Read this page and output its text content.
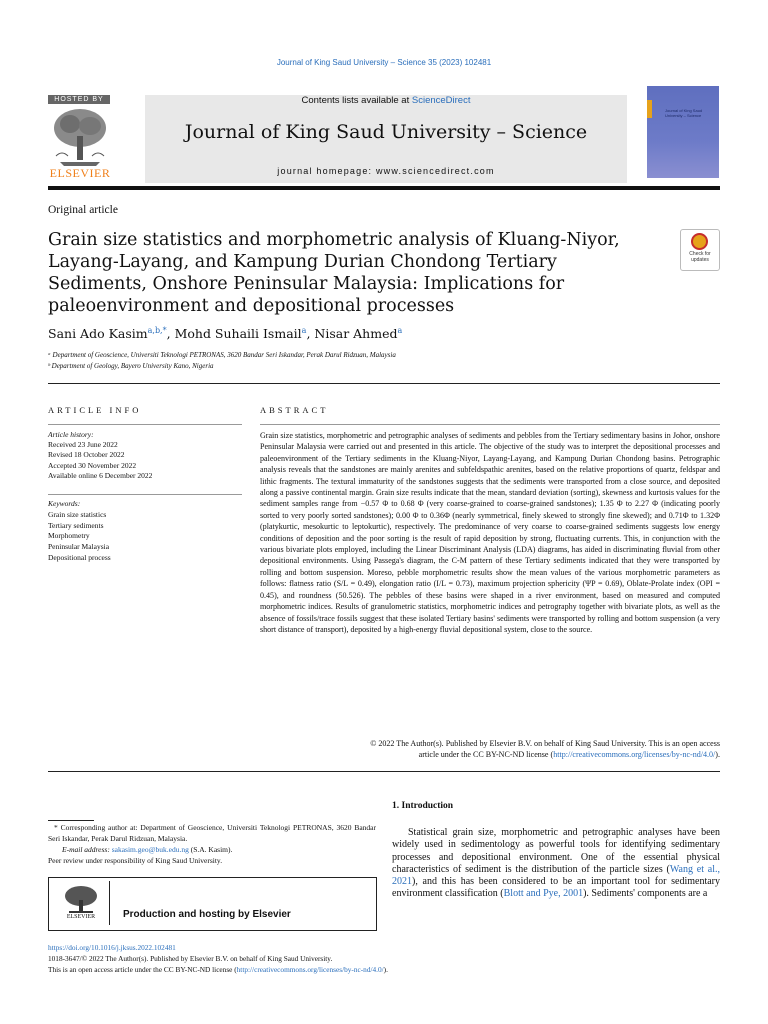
Journal of King Saud University – Science 35 (2023) 102481
HOSTED BY
ELSEVIER
Contents lists available at ScienceDirect
Journal of King Saud University – Science
journal homepage: www.sciencedirect.com
Journal of King Saud University – Science
Original article
Grain size statistics and morphometric analysis of Kluang-Niyor, Layang-Layang, and Kampung Durian Chondong Tertiary Sediments, Onshore Peninsular Malaysia: Implications for paleoenvironment and depositional processes
Check for updates
Sani Ado Kasim$^{a,b,*}$, Mohd Suhaili Ismail$^a$, Nisar Ahmed$^a$
ᵃ Department of Geoscience, Universiti Teknologi PETRONAS, 3620 Bandar Seri Iskandar, Perak Darul Ridzuan, Malaysia
ᵇ Department of Geology, Bayero University Kano, Nigeria
ARTICLE INFO	ABSTRACT
Article history:
Received 23 June 2022
Revised 18 October 2022
Accepted 30 November 2022
Available online 6 December 2022
Keywords:
Grain size statistics
Tertiary sediments
Morphometry
Peninsular Malaysia
Depositional process
Grain size statistics, morphometric and petrographic analyses of sediments and pebbles from the Tertiary sedimentary basins in Johor, onshore Peninsular Malaysia were carried out and presented in this article. The objective of the study was to interpret the depositional processes and paleoenvironment of the Tertiary sediments in the Kluang-Niyor, Layang-Layang, and Kampung Durian Chondong basins. Petrographic analysis reveals that the sandstones are mainly arenites and subfeldspathic arenites, based on the relative proportions of quartz, feldspar and lithic fragments. The textural immaturity of the sandstones suggests that the sediments were transported from a close source, and deposited along a passive continental margin. Grain size results indicate that the mean, standard deviation (sorting), skewness and kurtosis values for the sediment samples range from −0.57 Φ to 0.68 Φ (very coarse-grained to coarse-grained sandstones); 1.35 Φ to 2.27 Φ (indicating poorly sorted to very poorly sorted sandstones); 0.00 Φ to 0.36Φ (nearly symmetrical, finely skewed to strongly fine skewed); and 0.71Φ to 1.32Φ (platykurtic, mesokurtic to leptokurtic), respectively. The predominance of very coarse to coarse-grained sediments suggests low energy conditions of deposition and the poor sorting is the result of rapid deposition by strong, fluctuating currents. This, in conjunction with the various bivariate plots employed, including the Linear Discriminant Analysis (LDA) diagrams, has aided in discriminating fluvial from other depositional environments. Using Passega's diagram, the C-M pattern of these Tertiary sediments indicated that they were transported by rolling and bottom suspension. Moreso, pebble morphometric results show the mean values of the various morphometric parameters as follows: flatness ratio (S/L = 0.49), elongation ratio (I/L = 0.73), maximum projection sphericity (ΨP = 0.69), Oblate-Prolate index (OPI = 0.45), and roundness (50.526). The pebbles of these basins were shaped in a river environment, based on measured and computed morphometric indices. Results of granulometric statistics, morphometric indices and petrography together with bivariate plots, as well as the absence of fossils/trace fossils suggest that these isolated Tertiary basins' sediments were transported by rolling and bottom suspension (a very short distance of transport), deposited by a high-energy fluvial depositional system, close to the source.
© 2022 The Author(s). Published by Elsevier B.V. on behalf of King Saud University. This is an open access
article under the CC BY-NC-ND license (http://creativecommons.org/licenses/by-nc-nd/4.0/).
* Corresponding author at: Department of Geoscience, Universiti Teknologi PETRONAS, 3620 Bandar Seri Iskandar, Perak Darul Ridzuan, Malaysia.
E-mail address: sakasim.geo@buk.edu.ng (S.A. Kasim).
Peer review under responsibility of King Saud University.
ELSEVIER	Production and hosting by Elsevier
1. Introduction
Statistical grain size, morphometric and petrographic analyses have been widely used in sedimentology as powerful tools for identifying sedimentary processes and depositional environment. One of the essential physical characteristics of sediment is the distribution of the particle sizes (Wang et al., 2021), and this has been considered to be an important tool for sedimentary environment classification (Blott and Pye, 2001). Sediments' components are a
https://doi.org/10.1016/j.jksus.2022.102481
1018-3647/© 2022 The Author(s). Published by Elsevier B.V. on behalf of King Saud University.
This is an open access article under the CC BY-NC-ND license (http://creativecommons.org/licenses/by-nc-nd/4.0/).
